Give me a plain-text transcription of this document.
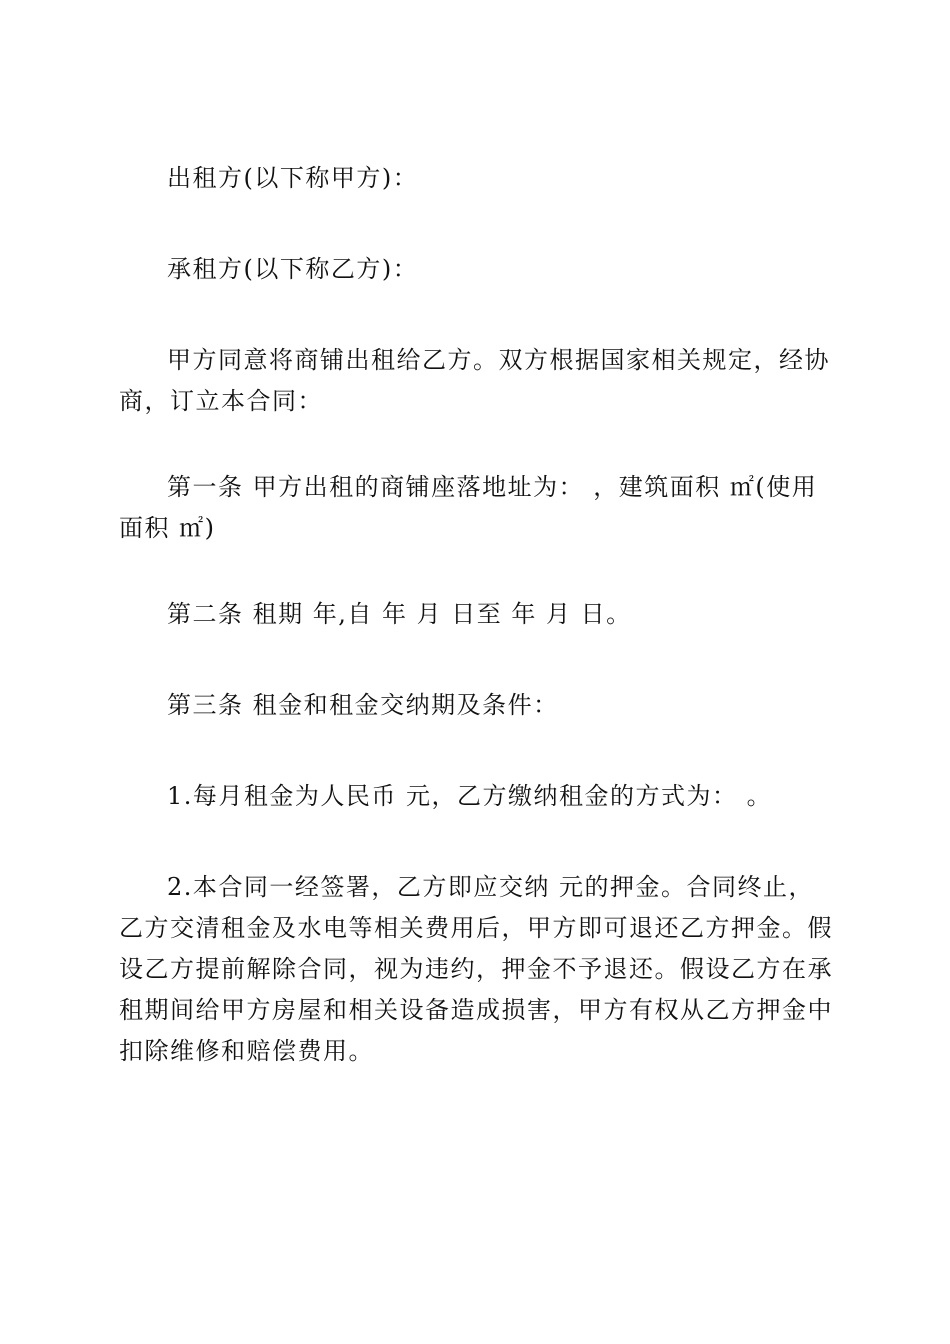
出租方(以下称甲方)：

承租方(以下称乙方)：

甲方同意将商铺出租给乙方。双方根据国家相关规定，经协商，订立本合同：

第一条 甲方出租的商铺座落地址为： ，建筑面积 ㎡(使用面积 ㎡)

第二条 租期 年,自 年 月 日至 年 月 日。

第三条 租金和租金交纳期及条件：

1.每月租金为人民币 元，乙方缴纳租金的方式为： 。

2.本合同一经签署，乙方即应交纳 元的押金。合同终止，乙方交清租金及水电等相关费用后，甲方即可退还乙方押金。假设乙方提前解除合同，视为违约，押金不予退还。假设乙方在承租期间给甲方房屋和相关设备造成损害，甲方有权从乙方押金中扣除维修和赔偿费用。
